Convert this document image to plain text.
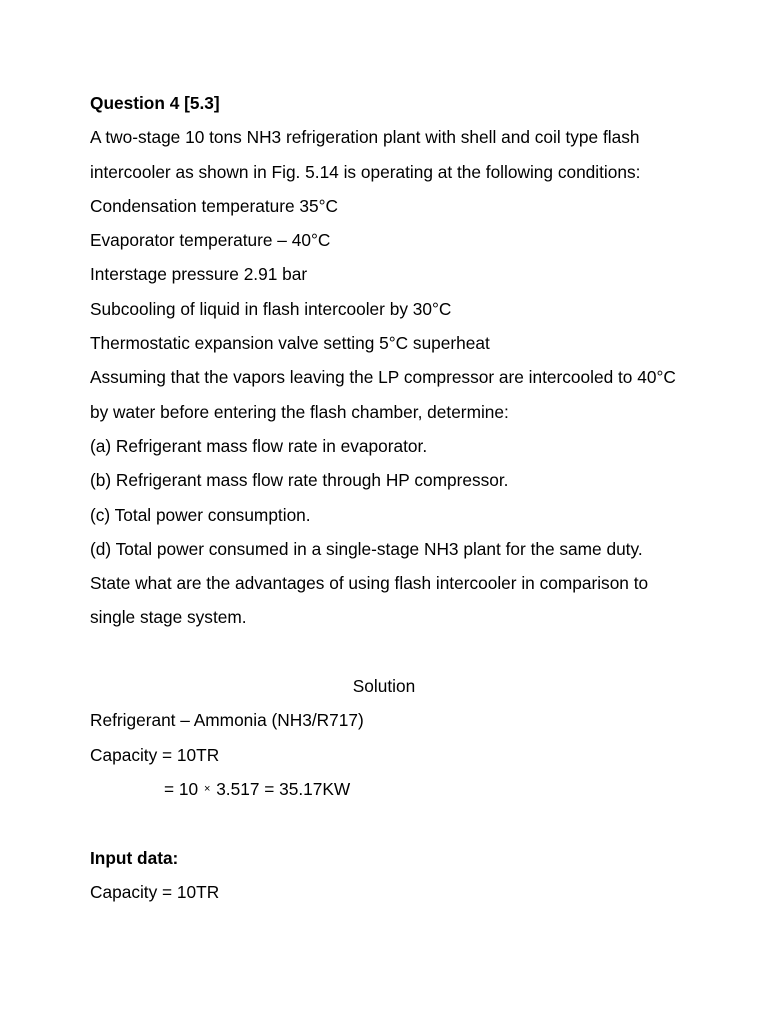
Question 4 [5.3]
A two-stage 10 tons NH3 refrigeration plant with shell and coil type flash
intercooler as shown in Fig. 5.14 is operating at the following conditions:
Condensation temperature 35°C
Evaporator temperature – 40°C
Interstage pressure 2.91 bar
Subcooling of liquid in flash intercooler by 30°C
Thermostatic expansion valve setting 5°C superheat
Assuming that the vapors leaving the LP compressor are intercooled to 40°C
by water before entering the flash chamber, determine:
(a) Refrigerant mass flow rate in evaporator.
(b) Refrigerant mass flow rate through HP compressor.
(c) Total power consumption.
(d) Total power consumed in a single-stage NH3 plant for the same duty.
State what are the advantages of using flash intercooler in comparison to
single stage system.
Solution
Refrigerant – Ammonia (NH3/R717)
Capacity = 10TR
= 10 × 3.517 = 35.17KW
Input data:
Capacity = 10TR
